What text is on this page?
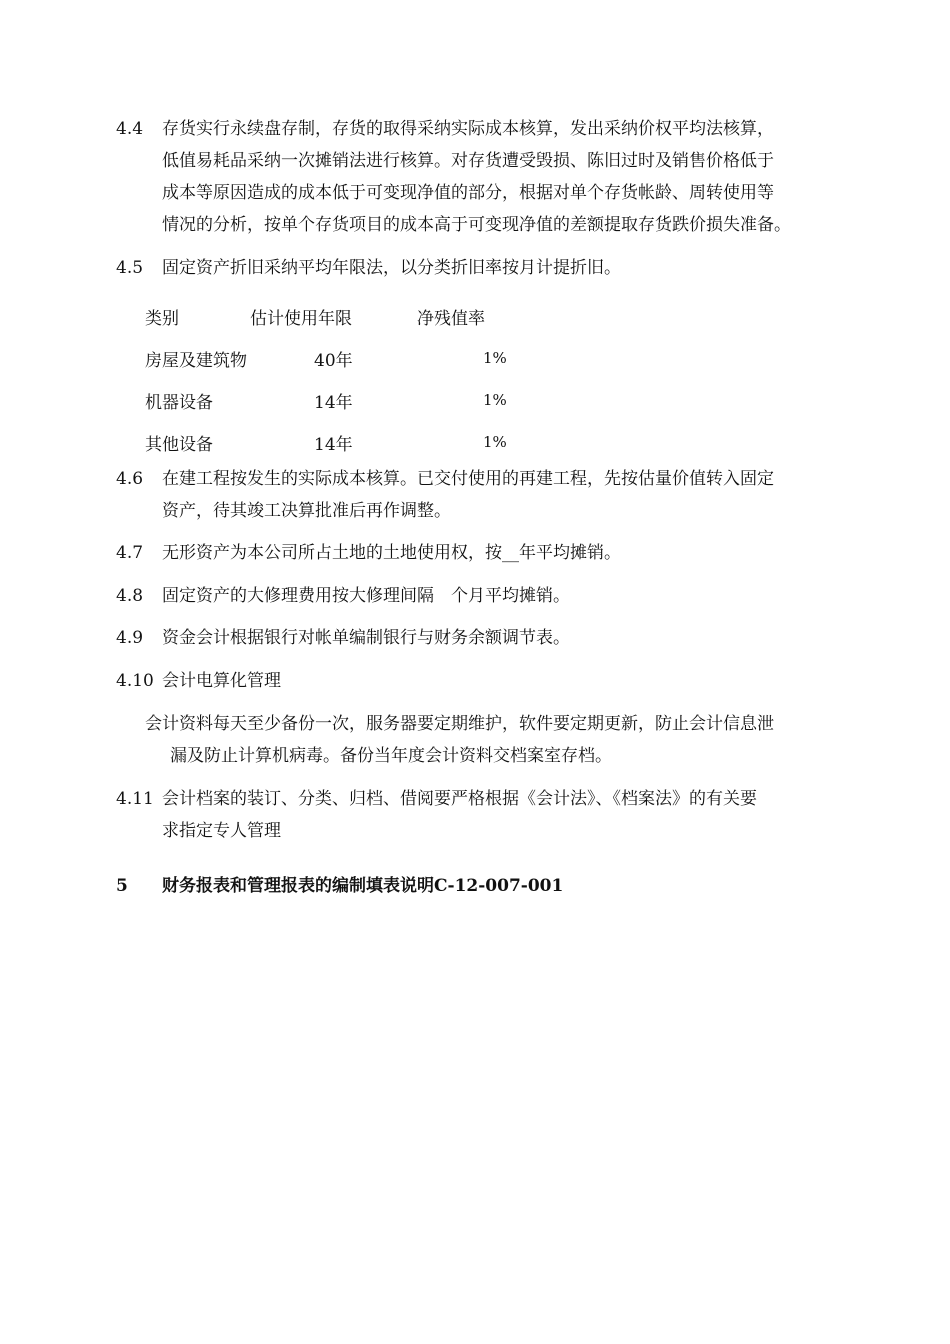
4.4 存货实行永续盘存制，存货的取得采纳实际成本核算，发出采纳价权平均法核算，
低值易耗品采纳一次摊销法进行核算。对存货遭受毁损、陈旧过时及销售价格低于
成本等原因造成的成本低于可变现净值的部分，根据对单个存货帐龄、周转使用等
情况的分析，按单个存货项目的成本高于可变现净值的差额提取存货跌价损失准备。
4.5 固定资产折旧采纳平均年限法，以分类折旧率按月计提折旧。
类别	估计使用年限	净残值率
房屋及建筑物	40年	1%
机器设备	14年	1%
其他设备	14年	1%
4.6 在建工程按发生的实际成本核算。已交付使用的再建工程，先按估量价值转入固定
资产，待其竣工决算批准后再作调整。
4.7 无形资产为本公司所占土地的土地使用权，按__年平均摊销。
4.8 固定资产的大修理费用按大修理间隔　个月平均摊销。
4.9 资金会计根据银行对帐单编制银行与财务余额调节表。
4.10 会计电算化管理
会计资料每天至少备份一次，服务器要定期维护，软件要定期更新，防止会计信息泄
漏及防止计算机病毒。备份当年度会计资料交档案室存档。
4.11 会计档案的装订、分类、归档、借阅要严格根据《会计法》、《档案法》的有关要
求指定专人管理
5 财务报表和管理报表的编制填表说明C-12-007-001
